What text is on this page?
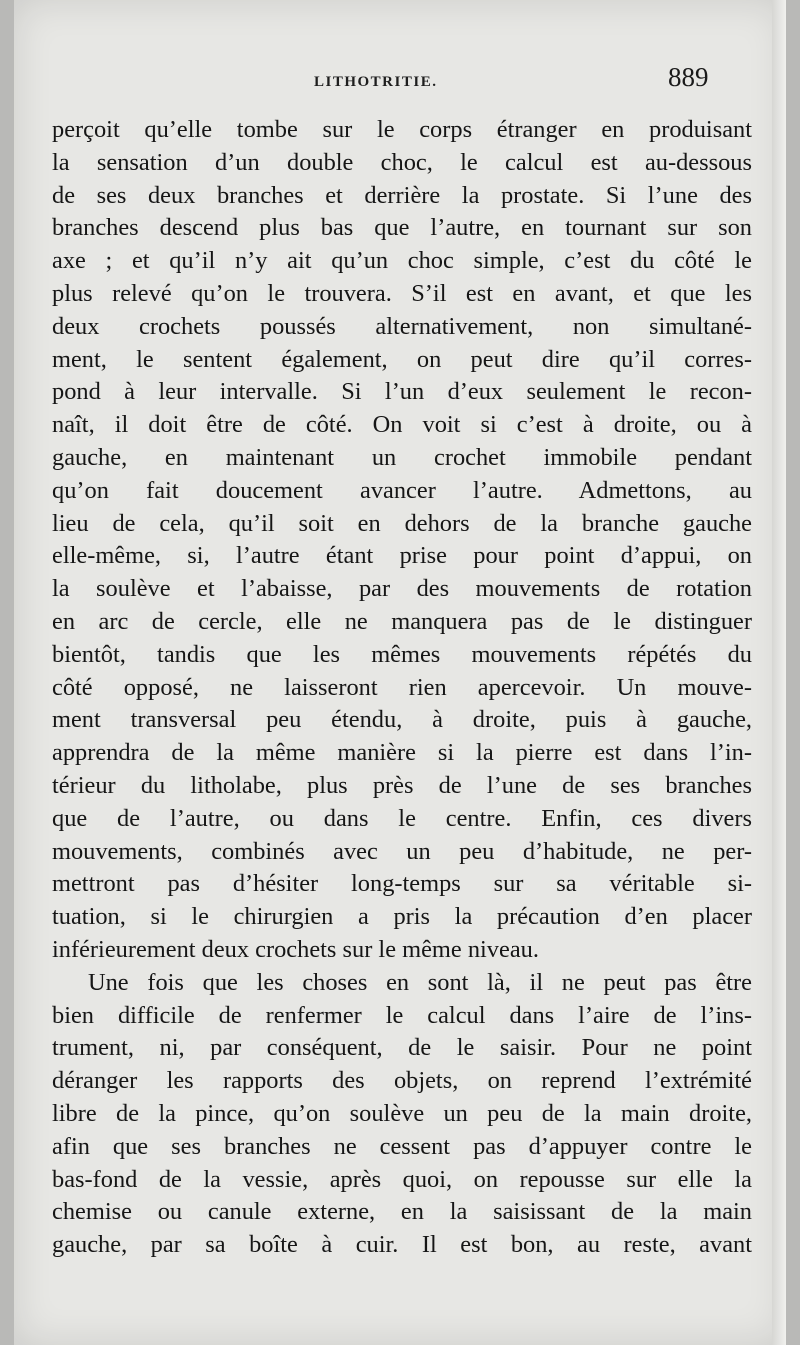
LITHOTRITIE.	889
perçoit qu’elle tombe sur le corps étranger en produisant
la sensation d’un double choc, le calcul est au-dessous
de ses deux branches et derrière la prostate. Si l’une des
branches descend plus bas que l’autre, en tournant sur son
axe ; et qu’il n’y ait qu’un choc simple, c’est du côté le
plus relevé qu’on le trouvera. S’il est en avant, et que les
deux crochets poussés alternativement, non simultané-
ment, le sentent également, on peut dire qu’il corres-
pond à leur intervalle. Si l’un d’eux seulement le recon-
naît, il doit être de côté. On voit si c’est à droite, ou à
gauche, en maintenant un crochet immobile pendant
qu’on fait doucement avancer l’autre. Admettons, au
lieu de cela, qu’il soit en dehors de la branche gauche
elle-même, si, l’autre étant prise pour point d’appui, on
la soulève et l’abaisse, par des mouvements de rotation
en arc de cercle, elle ne manquera pas de le distinguer
bientôt, tandis que les mêmes mouvements répétés du
côté opposé, ne laisseront rien apercevoir. Un mouve-
ment transversal peu étendu, à droite, puis à gauche,
apprendra de la même manière si la pierre est dans l’in-
térieur du litholabe, plus près de l’une de ses branches
que de l’autre, ou dans le centre. Enfin, ces divers
mouvements, combinés avec un peu d’habitude, ne per-
mettront pas d’hésiter long-temps sur sa véritable si-
tuation, si le chirurgien a pris la précaution d’en placer
inférieurement deux crochets sur le même niveau.
Une fois que les choses en sont là, il ne peut pas être
bien difficile de renfermer le calcul dans l’aire de l’ins-
trument, ni, par conséquent, de le saisir. Pour ne point
déranger les rapports des objets, on reprend l’extrémité
libre de la pince, qu’on soulève un peu de la main droite,
afin que ses branches ne cessent pas d’appuyer contre le
bas-fond de la vessie, après quoi, on repousse sur elle la
chemise ou canule externe, en la saisissant de la main
gauche, par sa boîte à cuir. Il est bon, au reste, avant
